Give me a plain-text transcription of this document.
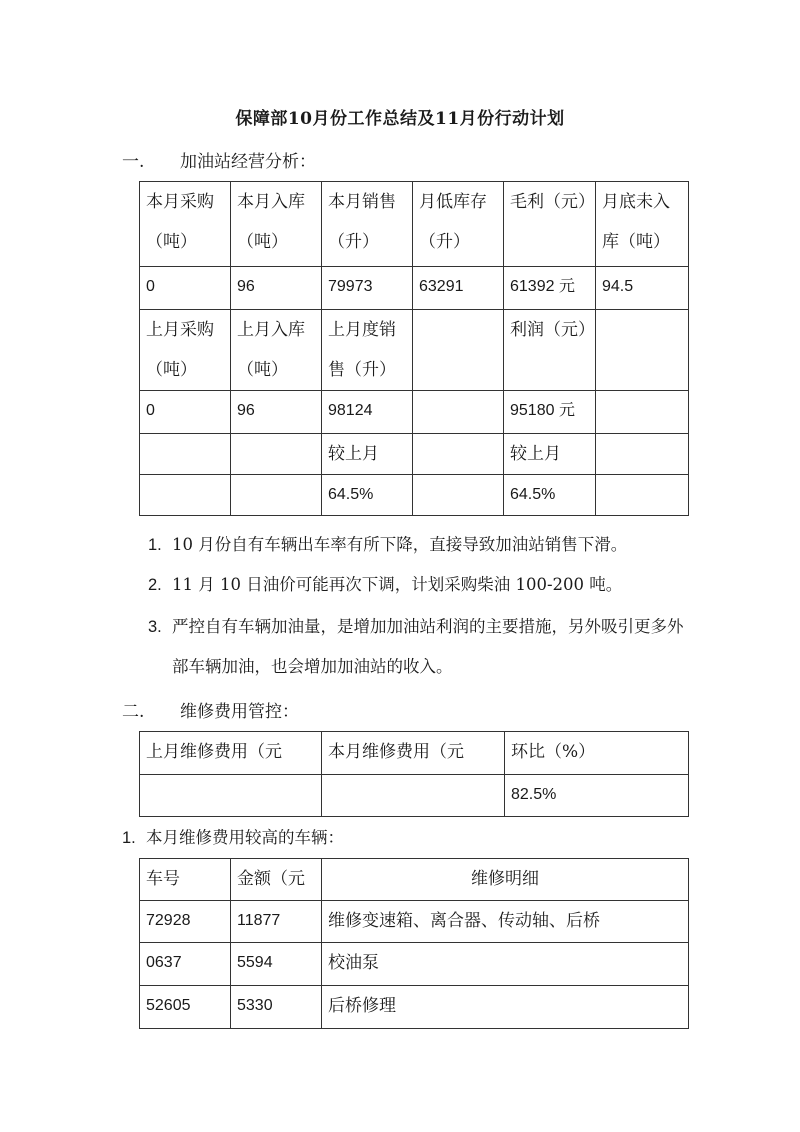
保障部10月份工作总结及11月份行动计划
一. 加油站经营分析：
本月采购（吨）	本月入库（吨）	本月销售（升）	月低库存（升）	毛利（元）	月底未入库（吨）
0	96	79973	63291	61392 元	94.5
上月采购（吨）	上月入库（吨）	上月度销售（升）		利润（元）	
0	96	98124		95180 元	
		较上月		较上月	
		64.5%		64.5%	
1. 10 月份自有车辆出车率有所下降，直接导致加油站销售下滑。
2. 11 月 10 日油价可能再次下调，计划采购柴油 100-200 吨。
3. 严控自有车辆加油量，是增加加油站利润的主要措施，另外吸引更多外部车辆加油，也会增加加油站的收入。
二. 维修费用管控：
上月维修费用（元	本月维修费用（元	环比（%）
		82.5%
1. 本月维修费用较高的车辆：
车号	金额（元	维修明细
72928	11877	维修变速箱、离合器、传动轴、后桥
0637	5594	校油泵
52605	5330	后桥修理
